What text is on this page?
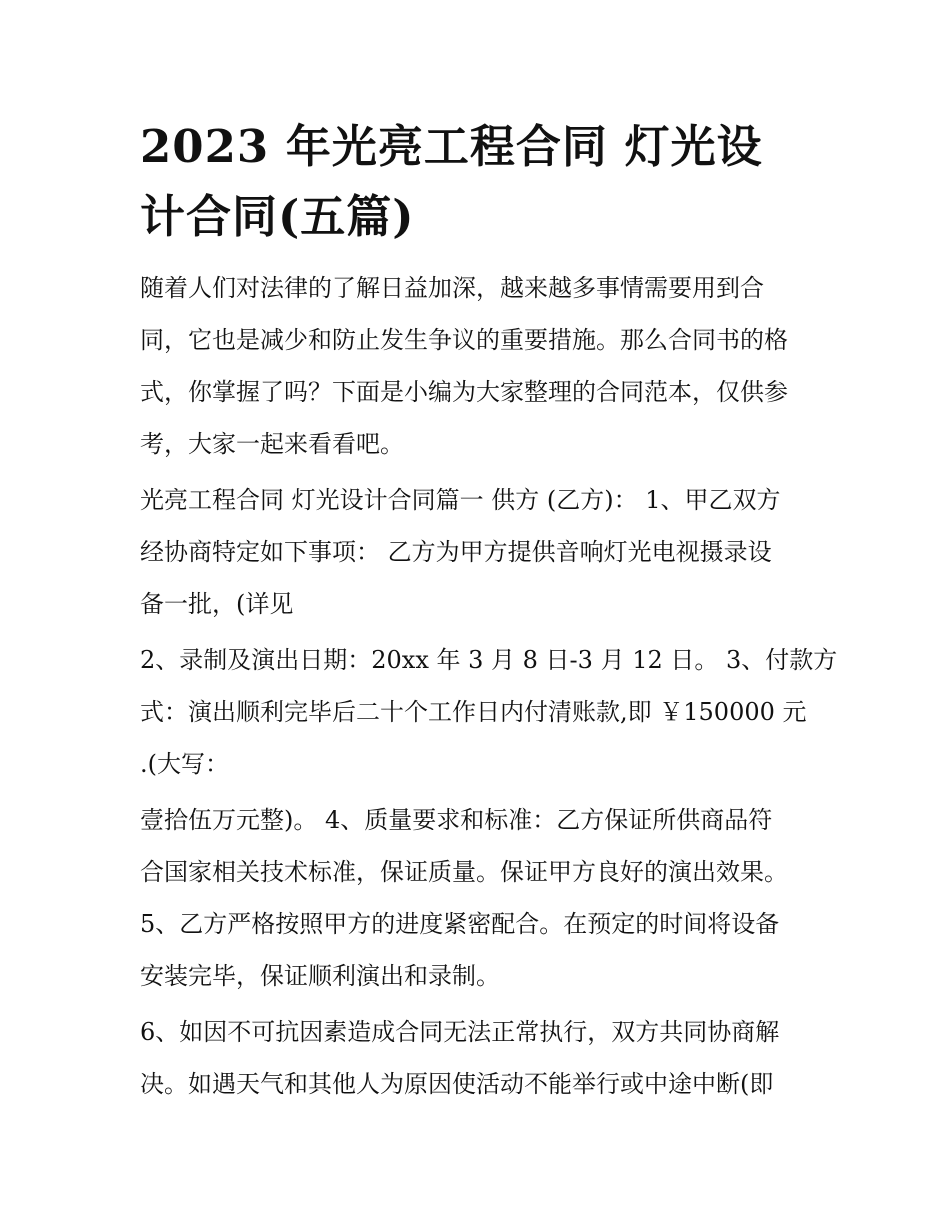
2023 年光亮工程合同 灯光设
计合同(五篇)

随着人们对法律的了解日益加深，越来越多事情需要用到合
同，它也是减少和防止发生争议的重要措施。那么合同书的格
式，你掌握了吗？下面是小编为大家整理的合同范本，仅供参
考，大家一起来看看吧。

光亮工程合同 灯光设计合同篇一 供方 (乙方)： 1、甲乙双方
经协商特定如下事项： 乙方为甲方提供音响灯光电视摄录设
备一批，(详见

2、录制及演出日期：20xx 年 3 月 8 日-3 月 12 日。 3、付款方
式：演出顺利完毕后二十个工作日内付清账款,即 ￥150000 元
.(大写：

壹拾伍万元整)。 4、质量要求和标准：乙方保证所供商品符
合国家相关技术标准，保证质量。保证甲方良好的演出效果。
5、乙方严格按照甲方的进度紧密配合。在预定的时间将设备
安装完毕，保证顺利演出和录制。

6、如因不可抗因素造成合同无法正常执行，双方共同协商解
决。如遇天气和其他人为原因使活动不能举行或中途中断(即
